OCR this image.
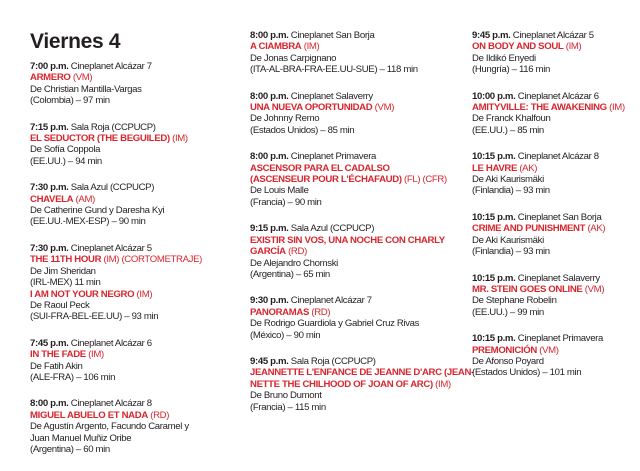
Viernes 4
7:00 p.m. Cineplanet Alcázar 7
ARMERO (VM)
De Christian Mantilla-Vargas
(Colombia) – 97 min
7:15 p.m. Sala Roja (CCPUCP)
EL SEDUCTOR (THE BEGUILED) (IM)
De Sofía Coppola
(EE.UU.) – 94 min
7:30 p.m. Sala Azul (CCPUCP)
CHAVELA (AM)
De Catherine Gund y Daresha Kyi
(EE.UU.-MEX-ESP) – 90 min
7:30 p.m. Cineplanet Alcázar 5
THE 11TH HOUR (IM) (CORTOMETRAJE)
De Jim Sheridan
(IRL-MEX) 11 min
I AM NOT YOUR NEGRO (IM)
De Raoul Peck
(SUI-FRA-BEL-EE.UU) – 93 min
7:45 p.m. Cineplanet Alcázar 6
IN THE FADE (IM)
De Fatih Akin
(ALE-FRA) – 106 min
8:00 p.m. Cineplanet Alcázar 8
MIGUEL ABUELO ET NADA (RD)
De Agustín Argento, Facundo Caramel y
Juan Manuel Muñiz Oribe
(Argentina) – 60 min
8:00 p.m. Cineplanet San Borja
A CIAMBRA (IM)
De Jonas Carpignano
(ITA-AL-BRA-FRA-EE.UU-SUE) – 118 min
8:00 p.m. Cineplanet Salaverry
UNA NUEVA OPORTUNIDAD (VM)
De Johnny Remo
(Estados Unidos) – 85 min
8:00 p.m. Cineplanet Primavera
ASCENSOR PARA EL CADALSO
(ASCENSEUR POUR L'ÉCHAFAUD) (FL) (CFR)
De Louis Malle
(Francia) – 90 min
9:15 p.m. Sala Azul (CCPUCP)
EXISTIR SIN VOS, UNA NOCHE CON CHARLY
GARCÍA (RD)
De Alejandro Chomski
(Argentina) – 65 min
9:30 p.m. Cineplanet Alcázar 7
PANORAMAS (RD)
De Rodrigo Guardiola y Gabriel Cruz Rivas
(México) – 90 min
9:45 p.m. Sala Roja (CCPUCP)
JEANNETTE L'ENFANCE DE JEANNE D'ARC (JEAN-
NETTE THE CHILHOOD OF JOAN OF ARC) (IM)
De Bruno Dumont
(Francia) – 115 min
9:45 p.m. Cineplanet Alcázar 5
ON BODY AND SOUL (IM)
De Ildikó Enyedi
(Hungría) – 116 min
10:00 p.m. Cineplanet Alcázar 6
AMITYVILLE: THE AWAKENING (IM)
De Franck Khalfoun
(EE.UU.) – 85 min
10:15 p.m. Cineplanet Alcázar 8
LE HAVRE (AK)
De Aki Kaurismäki
(Finlandia) – 93 min
10:15 p.m. Cineplanet San Borja
CRIME AND PUNISHMENT (AK)
De Aki Kaurismäki
(Finlandia) – 93 min
10:15 p.m. Cineplanet Salaverry
MR. STEIN GOES ONLINE (VM)
De Stephane Robelin
(EE.UU.) – 99 min
10:15 p.m. Cineplanet Primavera
PREMONICIÓN (VM)
De Afonso Poyard
(Estados Unidos) – 101 min
